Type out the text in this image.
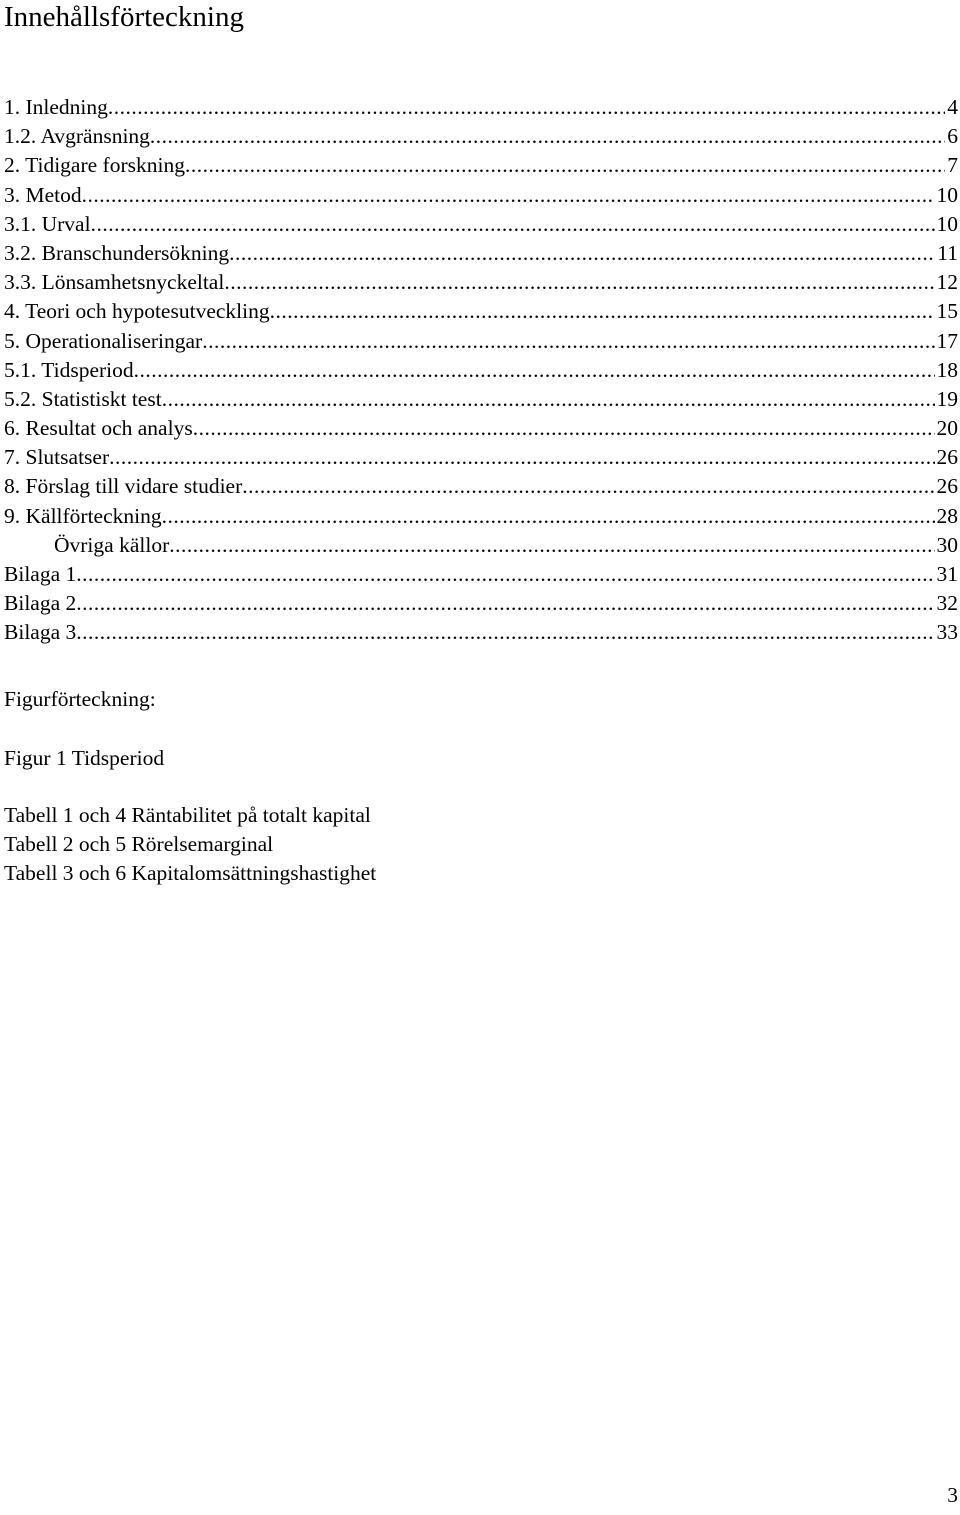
Innehållsförteckning
1. Inledning .....	4
1.2. Avgränsning .....	6
2. Tidigare forskning .....	7
3. Metod .....	10
3.1. Urval .....	10
3.2. Branschundersökning .....	11
3.3. Lönsamhetsnyckeltal .....	12
4. Teori och hypotesutveckling .....	15
5. Operationaliseringar .....	17
5.1. Tidsperiod .....	18
5.2. Statistiskt test .....	19
6. Resultat och analys .....	20
7. Slutsatser .....	26
8. Förslag till vidare studier .....	26
9. Källförteckning .....	28
Övriga källor .....	30
Bilaga 1 .....	31
Bilaga 2 .....	32
Bilaga 3 .....	33
Figurförteckning:
Figur 1 Tidsperiod
Tabell 1 och 4 Räntabilitet på totalt kapital
Tabell 2 och 5 Rörelsemarginal
Tabell 3 och 6 Kapitalomsättningshastighet
3
